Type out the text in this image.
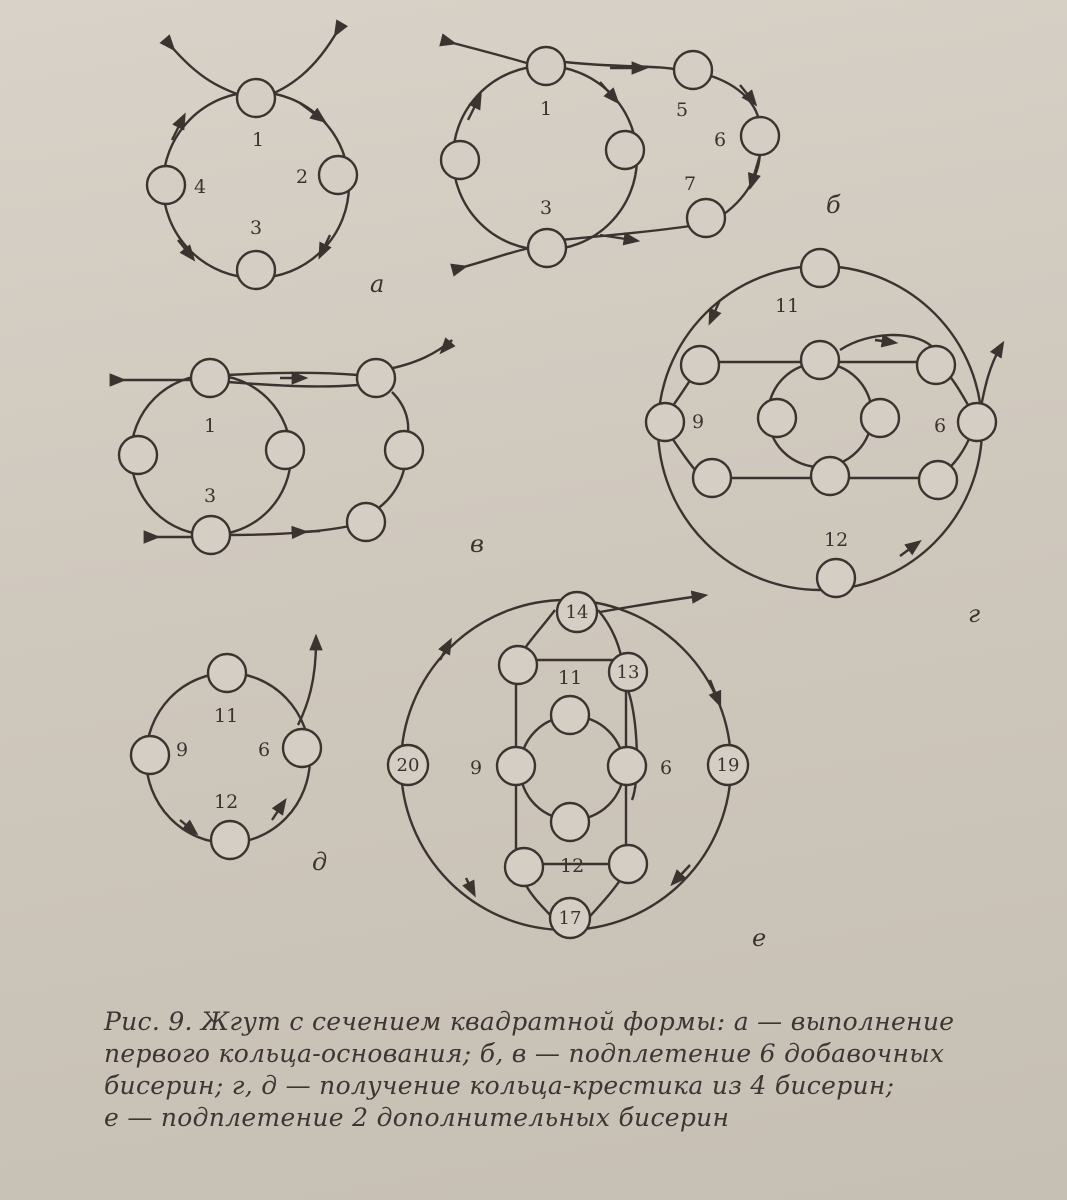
1
2
3
4
а
1
3
5
6
7
б
1
3
в
11
9	6
12
г
11
9	6
12
д
14
11 13
20	9	6 19
12
17
е
Рис. 9. Жгут с сечением квадратной формы: а — выполнение
первого кольца-основания; б, в — подплетение 6 добавочных
бисерин; г, д — получение кольца-крестика из 4 бисерин;
е — подплетение 2 дополнительных бисерин
